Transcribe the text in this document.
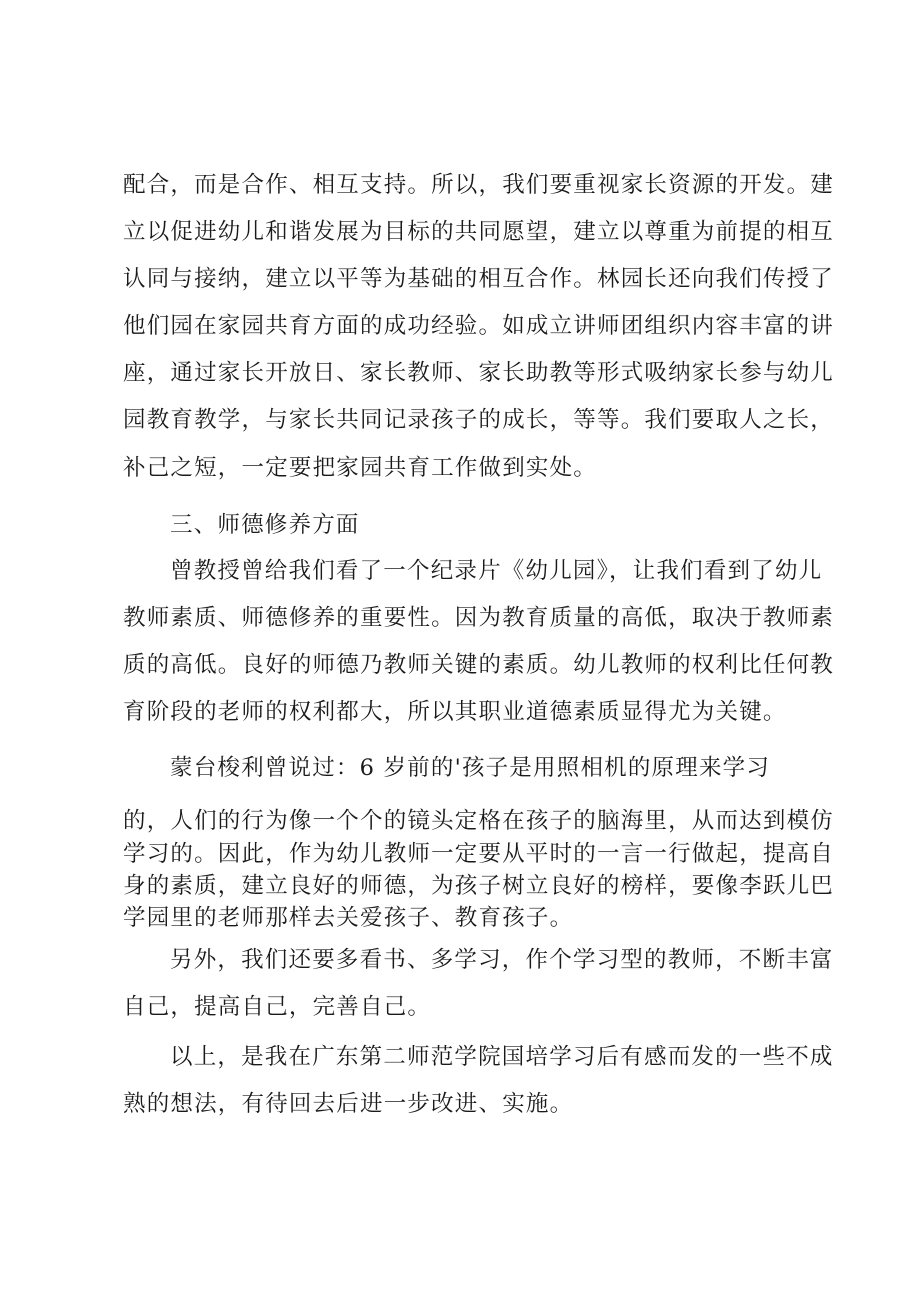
配合，而是合作、相互支持。所以，我们要重视家长资源的开发。建
立以促进幼儿和谐发展为目标的共同愿望，建立以尊重为前提的相互
认同与接纳，建立以平等为基础的相互合作。林园长还向我们传授了
他们园在家园共育方面的成功经验。如成立讲师团组织内容丰富的讲
座，通过家长开放日、家长教师、家长助教等形式吸纳家长参与幼儿
园教育教学，与家长共同记录孩子的成长，等等。我们要取人之长，
补己之短，一定要把家园共育工作做到实处。
三、师德修养方面
曾教授曾给我们看了一个纪录片《幼儿园》，让我们看到了幼儿
教师素质、师德修养的重要性。因为教育质量的高低，取决于教师素
质的高低。良好的师德乃教师关键的素质。幼儿教师的权利比任何教
育阶段的老师的权利都大，所以其职业道德素质显得尤为关键。
蒙台梭利曾说过：6 岁前的'孩子是用照相机的原理来学习
的，人们的行为像一个个的镜头定格在孩子的脑海里，从而达到模仿
学习的。因此，作为幼儿教师一定要从平时的一言一行做起，提高自
身的素质，建立良好的师德，为孩子树立良好的榜样，要像李跃儿巴
学园里的老师那样去关爱孩子、教育孩子。
另外，我们还要多看书、多学习，作个学习型的教师，不断丰富
自己，提高自己，完善自己。
以上，是我在广东第二师范学院国培学习后有感而发的一些不成
熟的想法，有待回去后进一步改进、实施。
